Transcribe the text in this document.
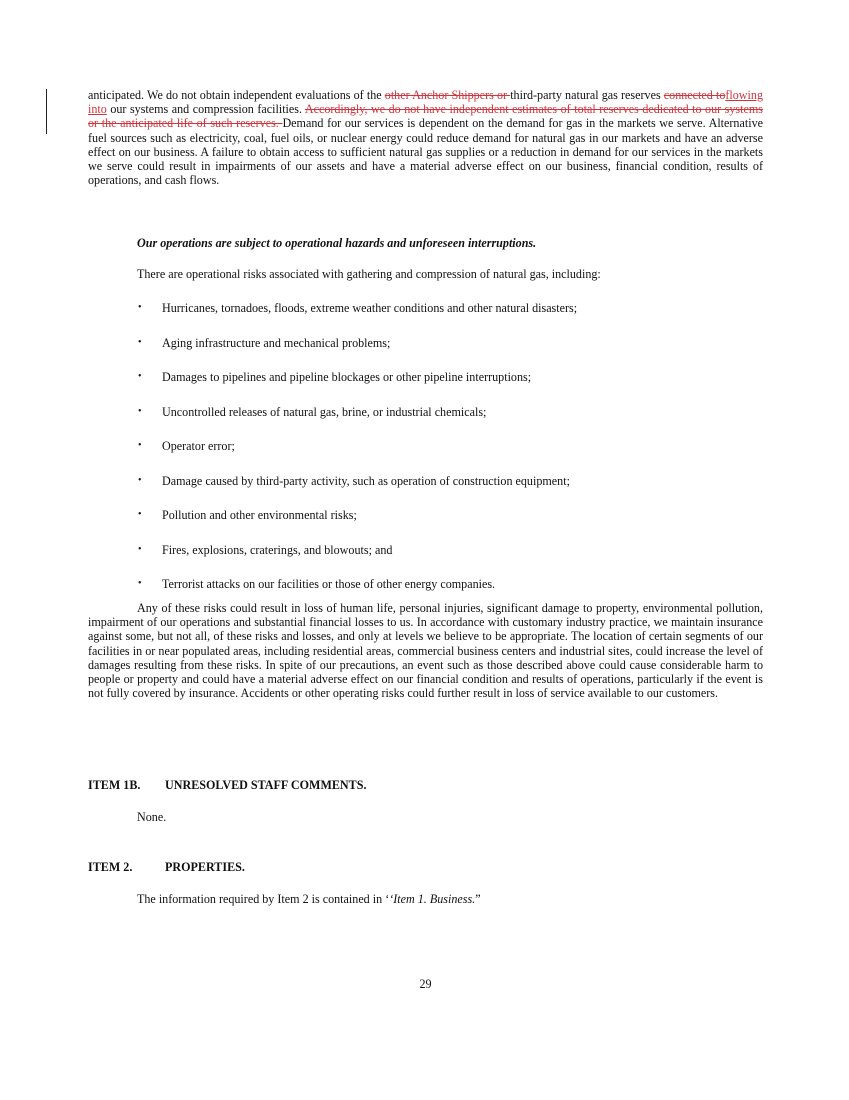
anticipated. We do not obtain independent evaluations of the other Anchor Shippers or third-party natural gas reserves connected toflowing into our systems and compression facilities. Accordingly, we do not have independent estimates of total reserves dedicated to our systems or the anticipated life of such reserves. Demand for our services is dependent on the demand for gas in the markets we serve. Alternative fuel sources such as electricity, coal, fuel oils, or nuclear energy could reduce demand for natural gas in our markets and have an adverse effect on our business. A failure to obtain access to sufficient natural gas supplies or a reduction in demand for our services in the markets we serve could result in impairments of our assets and have a material adverse effect on our business, financial condition, results of operations, and cash flows.

Our operations are subject to operational hazards and unforeseen interruptions.

There are operational risks associated with gathering and compression of natural gas, including:

• Hurricanes, tornadoes, floods, extreme weather conditions and other natural disasters;
• Aging infrastructure and mechanical problems;
• Damages to pipelines and pipeline blockages or other pipeline interruptions;
• Uncontrolled releases of natural gas, brine, or industrial chemicals;
• Operator error;
• Damage caused by third-party activity, such as operation of construction equipment;
• Pollution and other environmental risks;
• Fires, explosions, craterings, and blowouts; and
• Terrorist attacks on our facilities or those of other energy companies.

Any of these risks could result in loss of human life, personal injuries, significant damage to property, environmental pollution, impairment of our operations and substantial financial losses to us. In accordance with customary industry practice, we maintain insurance against some, but not all, of these risks and losses, and only at levels we believe to be appropriate. The location of certain segments of our facilities in or near populated areas, including residential areas, commercial business centers and industrial sites, could increase the level of damages resulting from these risks. In spite of our precautions, an event such as those described above could cause considerable harm to people or property and could have a material adverse effect on our financial condition and results of operations, particularly if the event is not fully covered by insurance. Accidents or other operating risks could further result in loss of service available to our customers.

ITEM 1B. UNRESOLVED STAFF COMMENTS.

None.

ITEM 2.	PROPERTIES.

The information required by Item 2 is contained in ‘‘Item 1. Business.”

29
